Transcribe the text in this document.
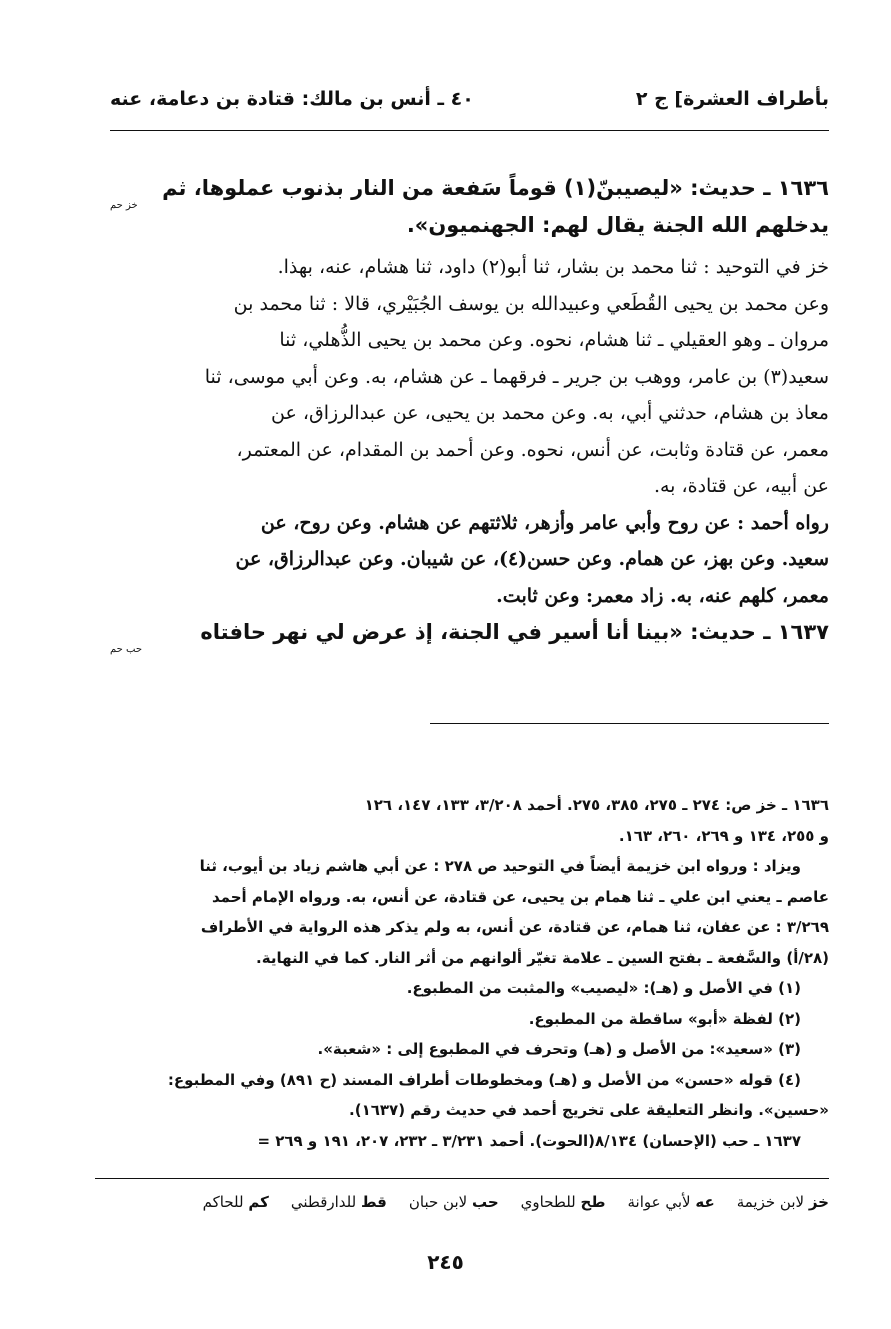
بأطراف العشرة] ج ٢
٤٠ ـ أنس بن مالك: قتادة بن دعامة، عنه
١٦٣٦ ـ حديث: «ليصيبنّ(١) قوماً سَفعة من النار بذنوب عملوها، ثم
خز حم
يدخلهم الله الجنة يقال لهم: الجهنميون».
خز في التوحيد : ثنا محمد بن بشار، ثنا أبو(٢) داود، ثنا هشام، عنه، بهذا.
وعن محمد بن يحيى القُطَعي وعبيدالله بن يوسف الجُبَيْري، قالا : ثنا محمد بن
مروان ـ وهو العقيلي ـ ثنا هشام، نحوه. وعن محمد بن يحيى الذُّهلي، ثنا
سعيد(٣) بن عامر، ووهب بن جرير ـ فرقهما ـ عن هشام، به. وعن أبي موسى، ثنا
معاذ بن هشام، حدثني أبي، به. وعن محمد بن يحيى، عن عبدالرزاق، عن
معمر، عن قتادة وثابت، عن أنس، نحوه. وعن أحمد بن المقدام، عن المعتمر،
عن أبيه، عن قتادة، به.
رواه أحمد : عن روح وأبي عامر وأزهر، ثلاثتهم عن هشام. وعن روح، عن
سعيد. وعن بهز، عن همام. وعن حسن(٤)، عن شيبان. وعن عبدالرزاق، عن
معمر، كلهم عنه، به. زاد معمر: وعن ثابت.
١٦٣٧ ـ حديث: «بينا أنا أسير في الجنة، إذ عرض لي نهر حافتاه
حب حم
١٦٣٦ ـ خز ص: ٢٧٤ ـ ٢٧٥، ٣٨٥، ٢٧٥. أحمد ٣/٢٠٨، ١٣٣، ١٤٧، ١٢٦
و ٢٥٥، ١٣٤ و ٢٦٩، ٢٦٠، ١٦٣.
ويزاد : ورواه ابن خزيمة أيضاً في التوحيد ص ٢٧٨ : عن أبي هاشم زياد بن أيوب، ثنا
عاصم ـ يعني ابن علي ـ ثنا همام بن يحيى، عن قتادة، عن أنس، به. ورواه الإمام أحمد
٣/٢٦٩ : عن عفان، ثنا همام، عن قتادة، عن أنس، به ولم يذكر هذه الرواية في الأطراف
(٢٨/أ) والسَّفعة ـ بفتح السين ـ علامة تغيّر ألوانهم من أثر النار. كما في النهاية.
(١) في الأصل و (هـ): «ليصيب» والمثبت من المطبوع.
(٢) لفظة «أبو» ساقطة من المطبوع.
(٣) «سعيد»: من الأصل و (هـ) وتحرف في المطبوع إلى : «شعبة».
(٤) قوله «حسن» من الأصل و (هـ) ومخطوطات أطراف المسند (ح ٨٩١) وفي المطبوع:
«حسين». وانظر التعليقة على تخريج أحمد في حديث رقم (١٦٣٧).
١٦٣٧ ـ حب (الإحسان) ٨/١٣٤(الحوت). أحمد ٣/٢٣١ ـ ٢٣٢، ٢٠٧، ١٩١ و ٢٦٩ =
خز لابن خزيمة
عه لأبي عوانة
طح للطحاوي
حب لابن حبان
قط للدارقطني
كم للحاكم
٢٤٥
